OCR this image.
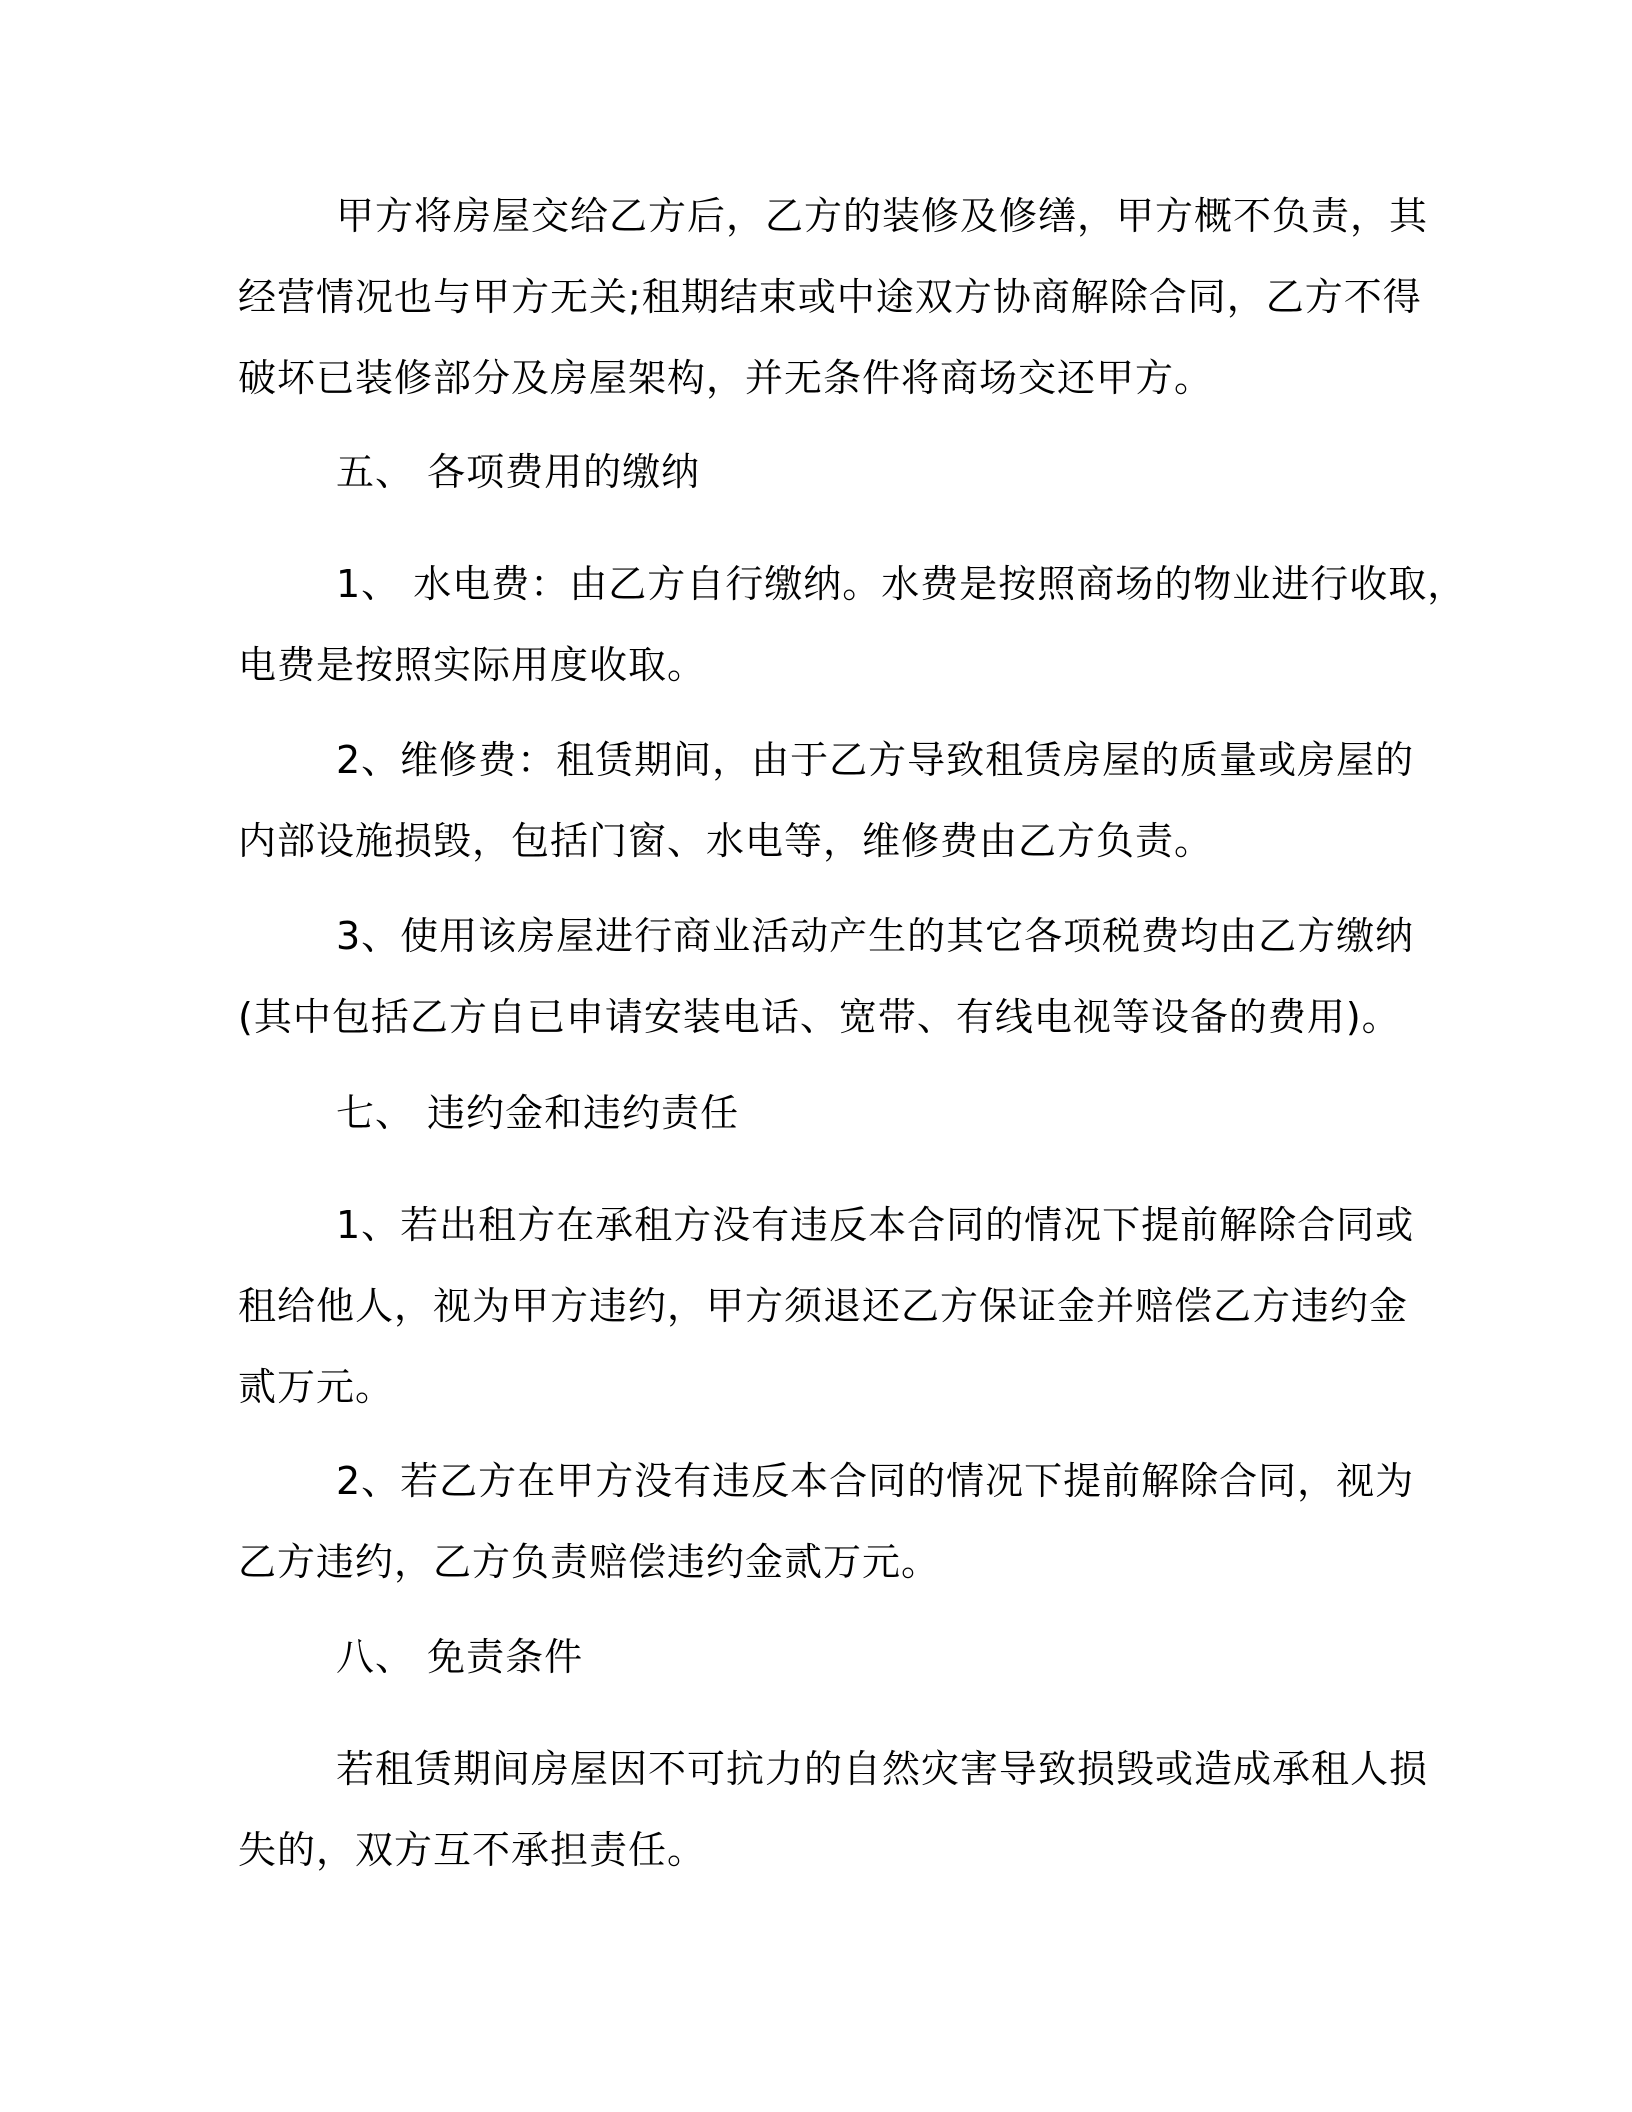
甲方将房屋交给乙方后，乙方的装修及修缮，甲方概不负责，其
经营情况也与甲方无关;租期结束或中途双方协商解除合同，乙方不得
破坏已装修部分及房屋架构，并无条件将商场交还甲方。
五、 各项费用的缴纳
1、 水电费：由乙方自行缴纳。水费是按照商场的物业进行收取，
电费是按照实际用度收取。
2、维修费：租赁期间，由于乙方导致租赁房屋的质量或房屋的
内部设施损毁，包括门窗、水电等，维修费由乙方负责。
3、使用该房屋进行商业活动产生的其它各项税费均由乙方缴纳
(其中包括乙方自已申请安装电话、宽带、有线电视等设备的费用)。
七、 违约金和违约责任
1、若出租方在承租方没有违反本合同的情况下提前解除合同或
租给他人，视为甲方违约，甲方须退还乙方保证金并赔偿乙方违约金
贰万元。
2、若乙方在甲方没有违反本合同的情况下提前解除合同，视为
乙方违约，乙方负责赔偿违约金贰万元。
八、 免责条件
若租赁期间房屋因不可抗力的自然灾害导致损毁或造成承租人损
失的，双方互不承担责任。
